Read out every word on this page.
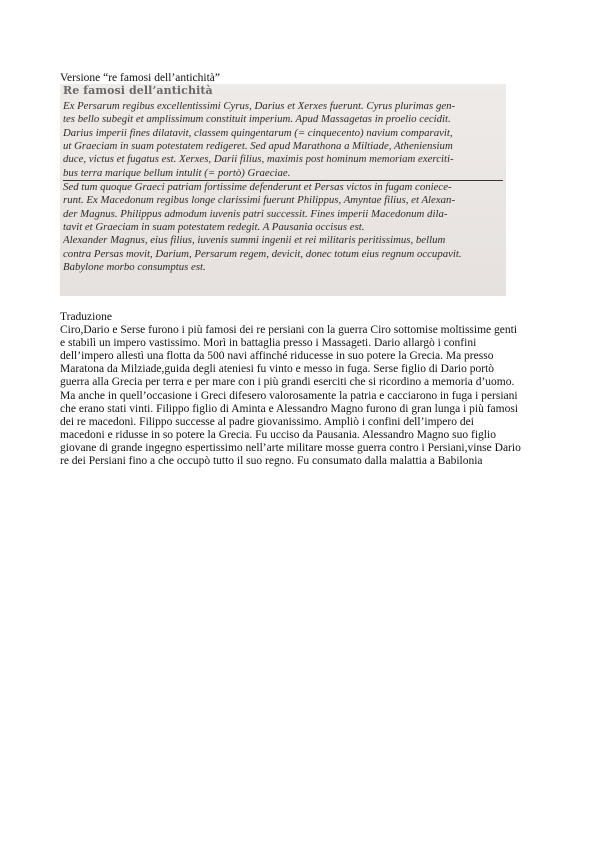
Versione “re famosi dell’antichità”
Re famosi dell’antichità
Ex Persarum regibus excellentissimi Cyrus, Darius et Xerxes fuerunt. Cyrus plurimas gen-
tes bello subegit et amplissimum constituit imperium. Apud Massagetas in proelio cecidit.
Darius imperii fines dilatavit, classem quingentarum (= cinquecento) navium comparavit,
ut Graeciam in suam potestatem redigeret. Sed apud Marathona a Miltiade, Atheniensium
duce, victus et fugatus est. Xerxes, Darii filius, maximis post hominum memoriam exerciti-
bus terra marique bellum intulit (= portò) Graeciae.
Sed tum quoque Graeci patriam fortissime defenderunt et Persas victos in fugam coniece-
runt. Ex Macedonum regibus longe clarissimi fuerunt Philippus, Amyntae filius, et Alexan-
der Magnus. Philippus admodum iuvenis patri successit. Fines imperii Macedonum dila-
tavit et Graeciam in suam potestatem redegit. A Pausania occisus est.
Alexander Magnus, eius filius, iuvenis summi ingenii et rei militaris peritissimus, bellum
contra Persas movit, Darium, Persarum regem, devicit, donec totum eius regnum occupavit.
Babylone morbo consumptus est.
Traduzione
Ciro,Dario e Serse furono i più famosi dei re persiani con la guerra Ciro sottomise moltissime genti
e stabilì un impero vastissimo. Morì in battaglia presso i Massageti. Dario allargò i confini
dell’impero allestì una flotta da 500 navi affinché riducesse in suo potere la Grecia. Ma presso
Maratona da Milziade,guida degli ateniesi fu vinto e messo in fuga. Serse figlio di Dario portò
guerra alla Grecia per terra e per mare con i più grandi eserciti che si ricordino a memoria d’uomo.
Ma anche in quell’occasione i Greci difesero valorosamente la patria e cacciarono in fuga i persiani
che erano stati vinti. Filippo figlio di Aminta e Alessandro Magno furono di gran lunga i più famosi
dei re macedoni. Filippo successe al padre giovanissimo. Ampliò i confini dell’impero dei
macedoni e ridusse in so potere la Grecia. Fu ucciso da Pausania. Alessandro Magno suo figlio
giovane di grande ingegno espertissimo nell’arte militare mosse guerra contro i Persiani,vinse Dario
re dei Persiani fino a che occupò tutto il suo regno. Fu consumato dalla malattia a Babilonia
